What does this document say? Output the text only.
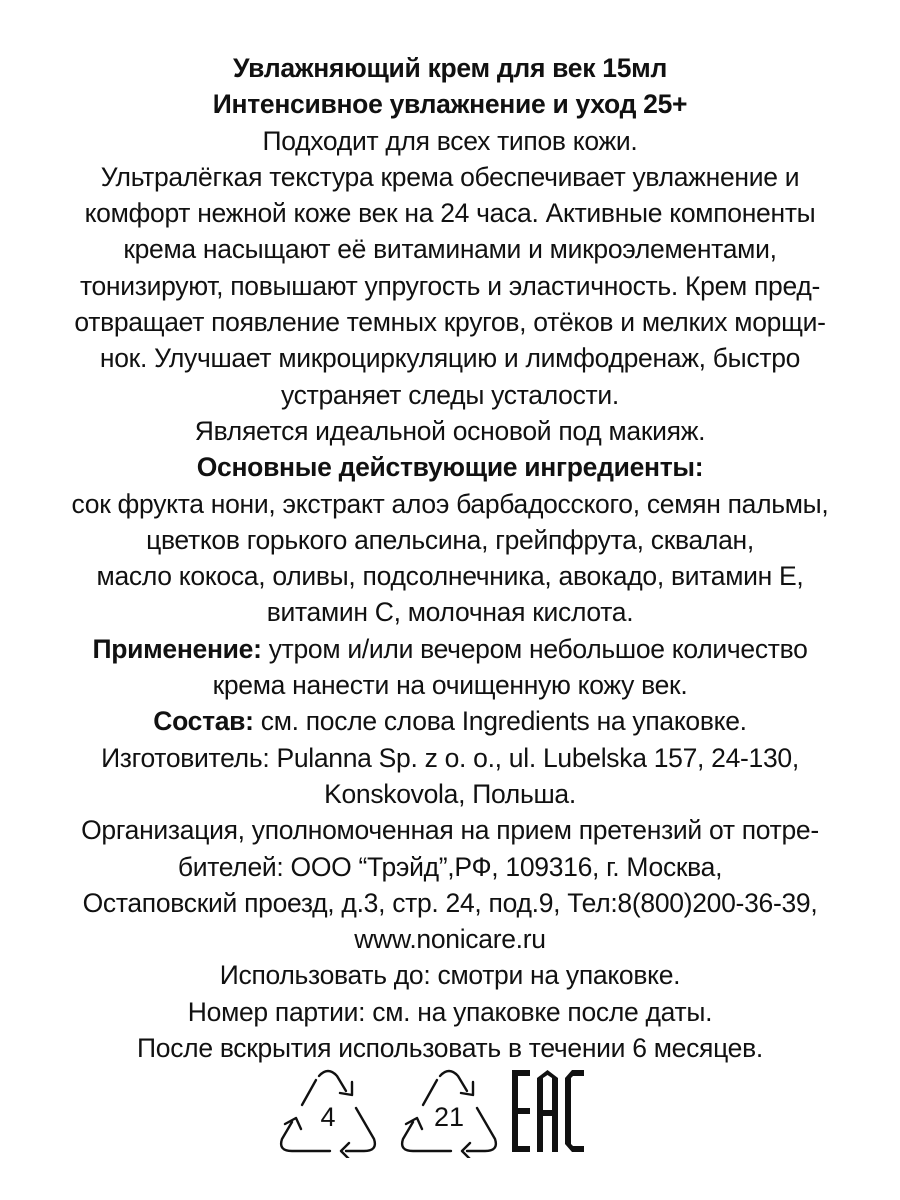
Увлажняющий крем для век 15мл
Интенсивное увлажнение и уход 25+
Подходит для всех типов кожи.
Ультралёгкая текстура крема обеспечивает увлажнение и
комфорт нежной коже век на 24 часа. Активные компоненты
крема насыщают её витаминами и микроэлементами,
тонизируют, повышают упругость и эластичность. Крем пред-
отвращает появление темных кругов, отёков и мелких морщи-
нок. Улучшает микроциркуляцию и лимфодренаж, быстро
устраняет следы усталости.
Является идеальной основой под макияж.
Основные действующие ингредиенты:
сок фрукта нони, экстракт алоэ барбадосского, семян пальмы,
цветков горького апельсина, грейпфрута, сквалан,
масло кокоса, оливы, подсолнечника, авокадо, витамин Е,
витамин С, молочная кислота.
Применение: утром и/или вечером небольшое количество
крема нанести на очищенную кожу век.
Состав: см. после слова Ingredients на упаковке.
Изготовитель: Pulanna Sp. z o. o., ul. Lubelska 157, 24-130,
Konskovola, Польша.
Организация, уполномоченная на прием претензий от потре-
бителей: ООО “Трэйд”,РФ, 109316, г. Москва,
Остаповский проезд, д.3, стр. 24, под.9, Тел:8(800)200-36-39,
www.nonicare.ru
Использовать до: смотри на упаковке.
Номер партии: см. на упаковке после даты.
После вскрытия использовать в течении 6 месяцев.
4	21
